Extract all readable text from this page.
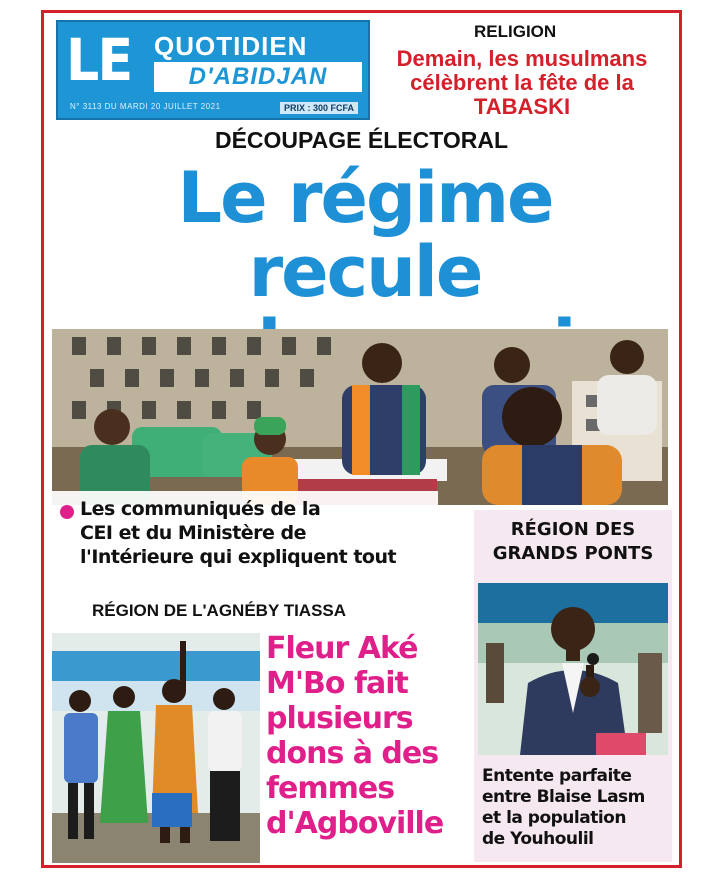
LE QUOTIDIEN
D'ABIDJAN
N° 3113 DU MARDI 20 JUILLET 2021	PRIX : 300 FCFA
RELIGION
Demain, les musulmans
célèbrent la fête de la TABASKI
DÉCOUPAGE ÉLECTORAL
Le régime recule
Les communiqués de la
CEI et du Ministère de
l'Intérieure qui expliquent tout
RÉGION DES
GRANDS PONTS
Entente parfaite
entre Blaise Lasm
et la population
de Youhoulil
RÉGION DE L'AGNÉBY TIASSA
Fleur Aké
M'Bo fait
plusieurs
dons à des
femmes
d'Agboville
